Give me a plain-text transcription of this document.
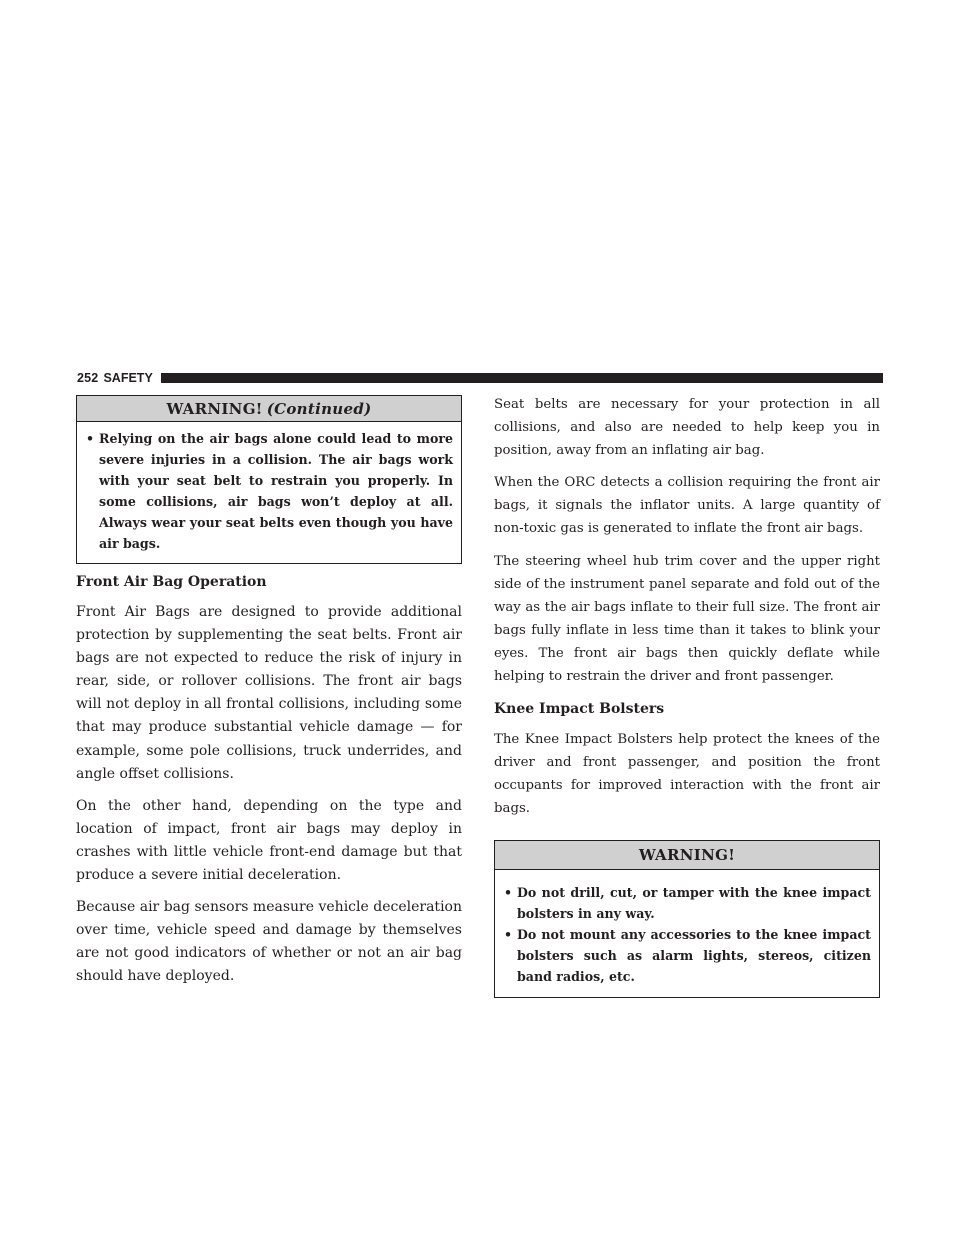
252 SAFETY
WARNING! (Continued)
• Relying on the air bags alone could lead to more severe injuries in a collision. The air bags work with your seat belt to restrain you properly. In some collisions, air bags won’t deploy at all. Always wear your seat belts even though you have air bags.
Front Air Bag Operation

Front Air Bags are designed to provide additional protection by supplementing the seat belts. Front air bags are not expected to reduce the risk of injury in rear, side, or rollover collisions. The front air bags will not deploy in all frontal collisions, including some that may produce substantial vehicle damage — for example, some pole collisions, truck underrides, and angle offset collisions.

On the other hand, depending on the type and location of impact, front air bags may deploy in crashes with little vehicle front-end damage but that produce a severe initial deceleration.

Because air bag sensors measure vehicle deceleration over time, vehicle speed and damage by themselves are not good indicators of whether or not an air bag should have deployed.

Seat belts are necessary for your protection in all collisions, and also are needed to help keep you in position, away from an inflating air bag.

When the ORC detects a collision requiring the front air bags, it signals the inflator units. A large quantity of non-toxic gas is generated to inflate the front air bags.

The steering wheel hub trim cover and the upper right side of the instrument panel separate and fold out of the way as the air bags inflate to their full size. The front air bags fully inflate in less time than it takes to blink your eyes. The front air bags then quickly deflate while helping to restrain the driver and front passenger.

Knee Impact Bolsters

The Knee Impact Bolsters help protect the knees of the driver and front passenger, and position the front occupants for improved interaction with the front air bags.

WARNING!
• Do not drill, cut, or tamper with the knee impact bolsters in any way.
• Do not mount any accessories to the knee impact bolsters such as alarm lights, stereos, citizen band radios, etc.
